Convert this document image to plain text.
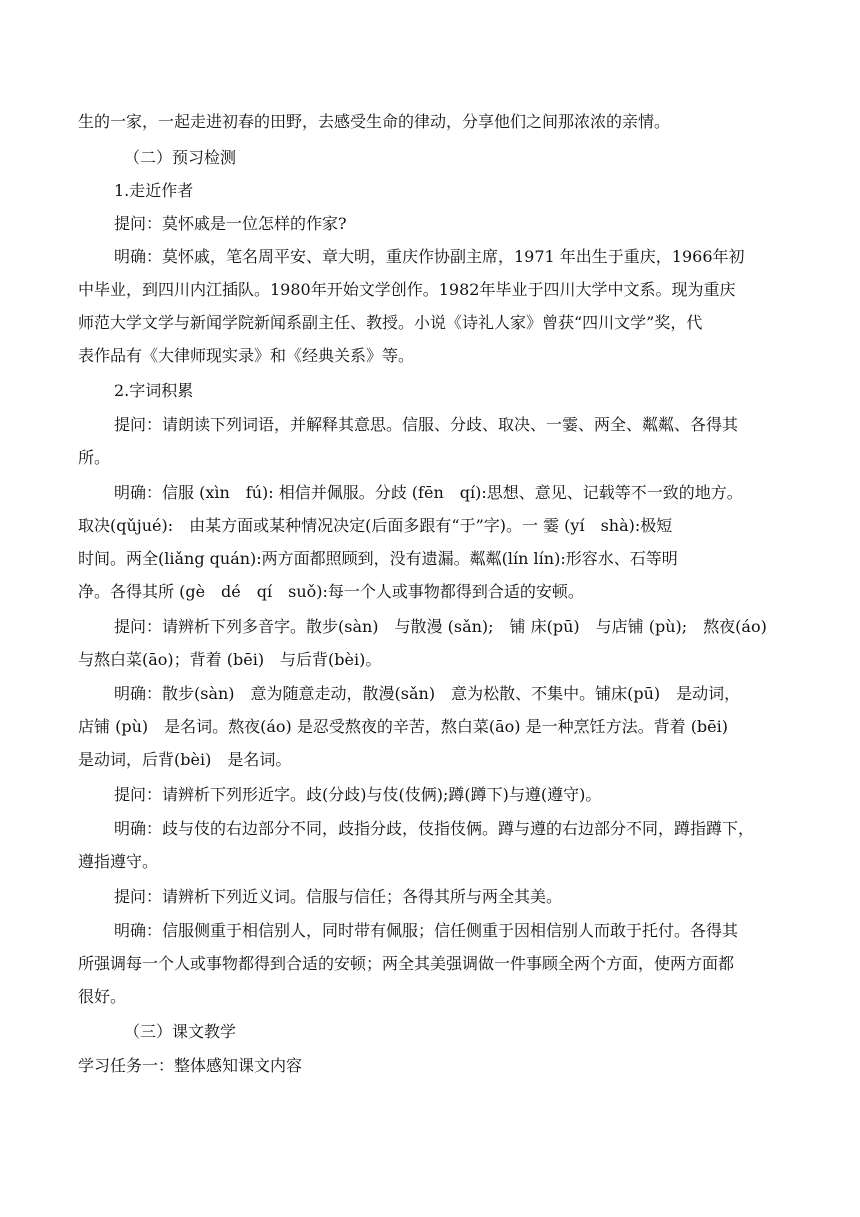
生的一家，一起走进初春的田野，去感受生命的律动，分享他们之间那浓浓的亲情。
（二）预习检测
1.走近作者
提问：莫怀戚是一位怎样的作家?
明确：莫怀戚，笔名周平安、章大明，重庆作协副主席，1971 年出生于重庆，1966年初
中毕业，到四川内江插队。1980年开始文学创作。1982年毕业于四川大学中文系。现为重庆
师范大学文学与新闻学院新闻系副主任、教授。小说《诗礼人家》曾获“四川文学”奖，代
表作品有《大律师现实录》和《经典关系》等。
2.字词积累
提问：请朗读下列词语，并解释其意思。信服、分歧、取决、一霎、两全、粼粼、各得其
所。
明确：信服 (xìn　fú): 相信并佩服。分歧 (fēn　qí):思想、意见、记载等不一致的地方。
取决(qǔjué):　由某方面或某种情况决定(后面多跟有“于”字)。一 霎 (yí　shà):极短
时间。两全(liǎng quán):两方面都照顾到，没有遗漏。粼粼(lín lín):形容水、石等明
净。各得其所 (gè　dé　qí　suǒ):每一个人或事物都得到合适的安顿。
提问：请辨析下列多音字。散步(sàn)　与散漫 (sǎn);　铺 床(pū)　与店铺 (pù);　熬夜(áo)
与熬白菜(āo)；背着 (bēi)　与后背(bèi)。
明确：散步(sàn)　意为随意走动，散漫(sǎn)　意为松散、不集中。铺床(pū)　是动词，
店铺 (pù)　是名词。熬夜(áo) 是忍受熬夜的辛苦，熬白菜(āo) 是一种烹饪方法。背着 (bēi)
是动词，后背(bèi)　是名词。
提问：请辨析下列形近字。歧(分歧)与伎(伎俩);蹲(蹲下)与遵(遵守)。
明确：歧与伎的右边部分不同，歧指分歧，伎指伎俩。蹲与遵的右边部分不同，蹲指蹲下，
遵指遵守。
提问：请辨析下列近义词。信服与信任；各得其所与两全其美。
明确：信服侧重于相信别人，同时带有佩服；信任侧重于因相信别人而敢于托付。各得其
所强调每一个人或事物都得到合适的安顿；两全其美强调做一件事顾全两个方面，使两方面都
很好。
（三）课文教学
学习任务一：整体感知课文内容
